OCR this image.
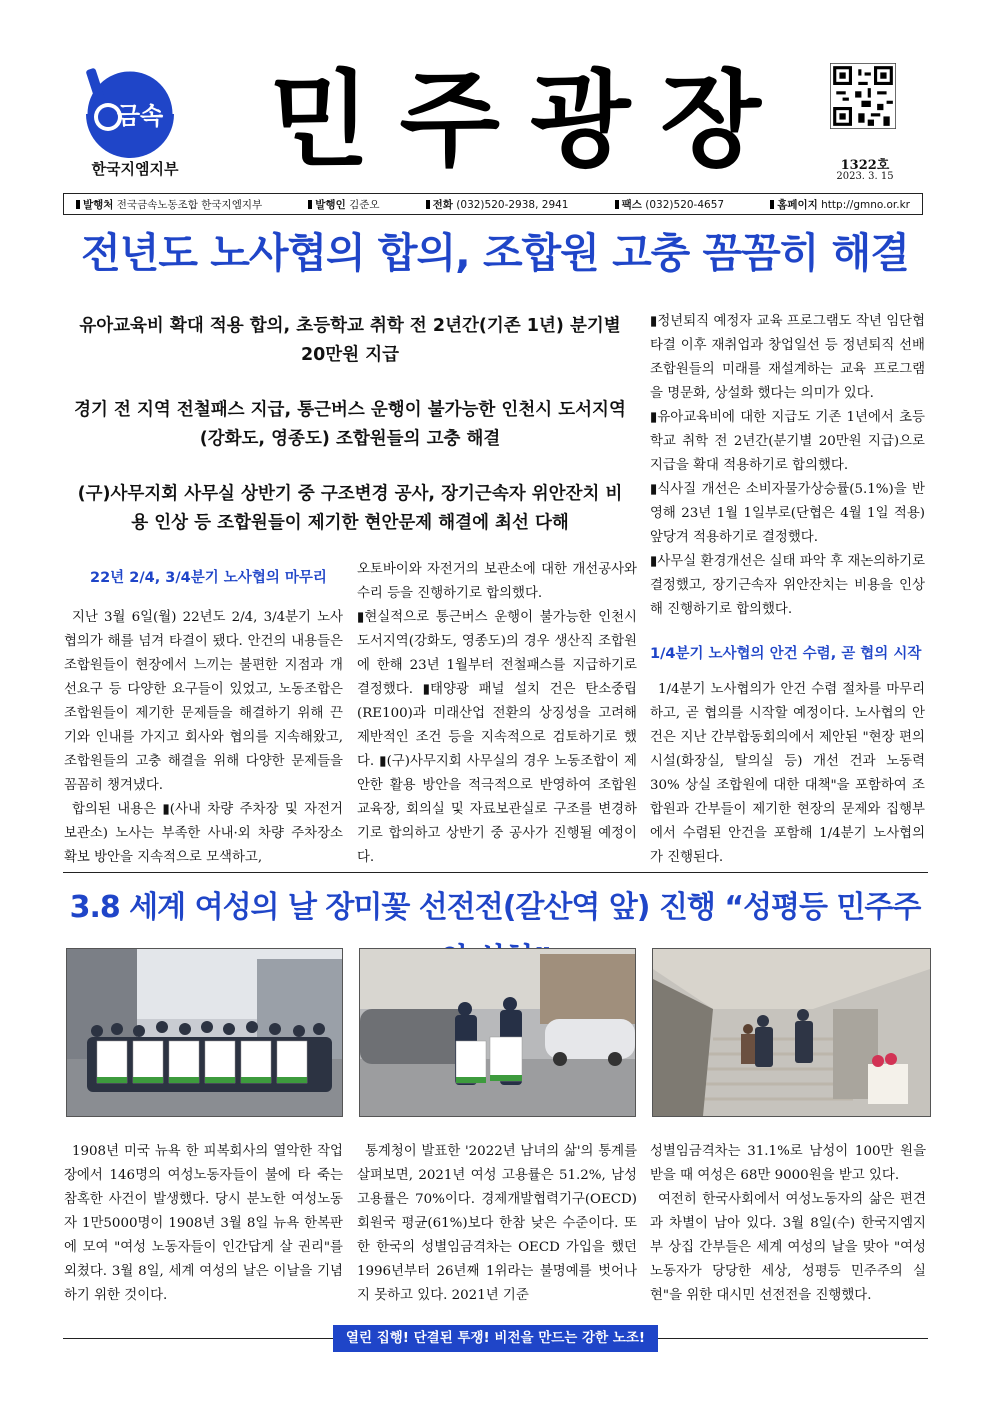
금속
한국지엠지부 민주광장	1322호
2023. 3. 15
발행처 전국금속노동조합 한국지엠지부	발행인 김준오	전화 (032)520-2938, 2941	팩스 (032)520-4657	홈페이지 http://gmno.or.kr
전년도 노사협의 합의, 조합원 고충 꼼꼼히 해결

유아교육비 확대 적용 합의, 초등학교 취학 전 2년간(기존 1년) 분기별 20만원 지급

경기 전 지역 전철패스 지급, 통근버스 운행이 불가능한 인천시 도서지역(강화도, 영종도) 조합원들의 고충 해결

(구)사무지회 사무실 상반기 중 구조변경 공사, 장기근속자 위안잔치 비용 인상 등 조합원들이 제기한 현안문제 해결에 최선 다해

22년 2/4, 3/4분기 노사협의 마무리

지난 3월 6일(월) 22년도 2/4, 3/4분기 노사협의가 해를 넘겨 타결이 됐다. 안건의 내용들은 조합원들이 현장에서 느끼는 불편한 지점과 개선요구 등 다양한 요구들이 있었고, 노동조합은 조합원들이 제기한 문제들을 해결하기 위해 끈기와 인내를 가지고 회사와 협의를 지속해왔고, 조합원들의 고충 해결을 위해 다양한 문제들을 꼼꼼히 챙겨냈다.

합의된 내용은 ▮(사내 차량 주차장 및 자전거 보관소) 노사는 부족한 사내·외 차량 주차장소 확보 방안을 지속적으로 모색하고,

오토바이와 자전거의 보관소에 대한 개선공사와 수리 등을 진행하기로 합의했다.

▮현실적으로 통근버스 운행이 불가능한 인천시 도서지역(강화도, 영종도)의 경우 생산직 조합원에 한해 23년 1월부터 전철패스를 지급하기로 결정했다. ▮태양광 패널 설치 건은 탄소중립(RE100)과 미래산업 전환의 상징성을 고려해 제반적인 조건 등을 지속적으로 검토하기로 했다. ▮(구)사무지회 사무실의 경우 노동조합이 제안한 활용 방안을 적극적으로 반영하여 조합원 교육장, 회의실 및 자료보관실로 구조를 변경하기로 합의하고 상반기 중 공사가 진행될 예정이다.

▮정년퇴직 예정자 교육 프로그램도 작년 임단협 타결 이후 재취업과 창업일선 등 정년퇴직 선배조합원들의 미래를 재설계하는 교육 프로그램을 명문화, 상설화 했다는 의미가 있다.

▮유아교육비에 대한 지급도 기존 1년에서 초등학교 취학 전 2년간(분기별 20만원 지급)으로 지급을 확대 적용하기로 합의했다.

▮식사질 개선은 소비자물가상승률(5.1%)을 반영해 23년 1월 1일부로(단협은 4월 1일 적용) 앞당겨 적용하기로 결정했다.

▮사무실 환경개선은 실태 파악 후 재논의하기로 결정했고, 장기근속자 위안잔치는 비용을 인상해 진행하기로 합의했다.

1/4분기 노사협의 안건 수렴, 곧 협의 시작

1/4분기 노사협의가 안건 수렴 절차를 마무리하고, 곧 협의를 시작할 예정이다. 노사협의 안건은 지난 간부합동회의에서 제안된 "현장 편의시설(화장실, 탈의실 등) 개선 건과 노동력 30% 상실 조합원에 대한 대책"을 포함하여 조합원과 간부들이 제기한 현장의 문제와 집행부에서 수렴된 안건을 포함해 1/4분기 노사협의가 진행된다.

3.8 세계 여성의 날 장미꽃 선전전(갈산역 앞) 진행 “성평등 민주주

1908년 미국 뉴욕 한 피복회사의 열악한 작업장에서 146명의 여성노동자들이 불에 타 죽는 참혹한 사건이 발생했다. 당시 분노한 여성노동자 1만5000명이 1908년 3월 8일 뉴욕 한복판에 모여 "여성 노동자들이 인간답게 살 권리"를 외쳤다. 3월 8일, 세계 여성의 날은 이날을 기념하기 위한 것이다.

통계청이 발표한 '2022년 남녀의 삶'의 통계를 살펴보면, 2021년 여성 고용률은 51.2%, 남성 고용률은 70%이다. 경제개발협력기구(OECD) 회원국 평균(61%)보다 한참 낮은 수준이다. 또한 한국의 성별임금격차는 OECD 가입을 했던 1996년부터 26년째 1위라는 불명예를 벗어나지 못하고 있다. 2021년 기준

성별임금격차는 31.1%로 남성이 100만 원을 받을 때 여성은 68만 9000원을 받고 있다.

여전히 한국사회에서 여성노동자의 삶은 편견과 차별이 남아 있다. 3월 8일(수) 한국지엠지부 상집 간부들은 세계 여성의 날을 맞아 "여성노동자가 당당한 세상, 성평등 민주주의 실현"을 위한 대시민 선전전을 진행했다.

열린 집행! 단결된 투쟁! 비전을 만드는 강한 노조!
